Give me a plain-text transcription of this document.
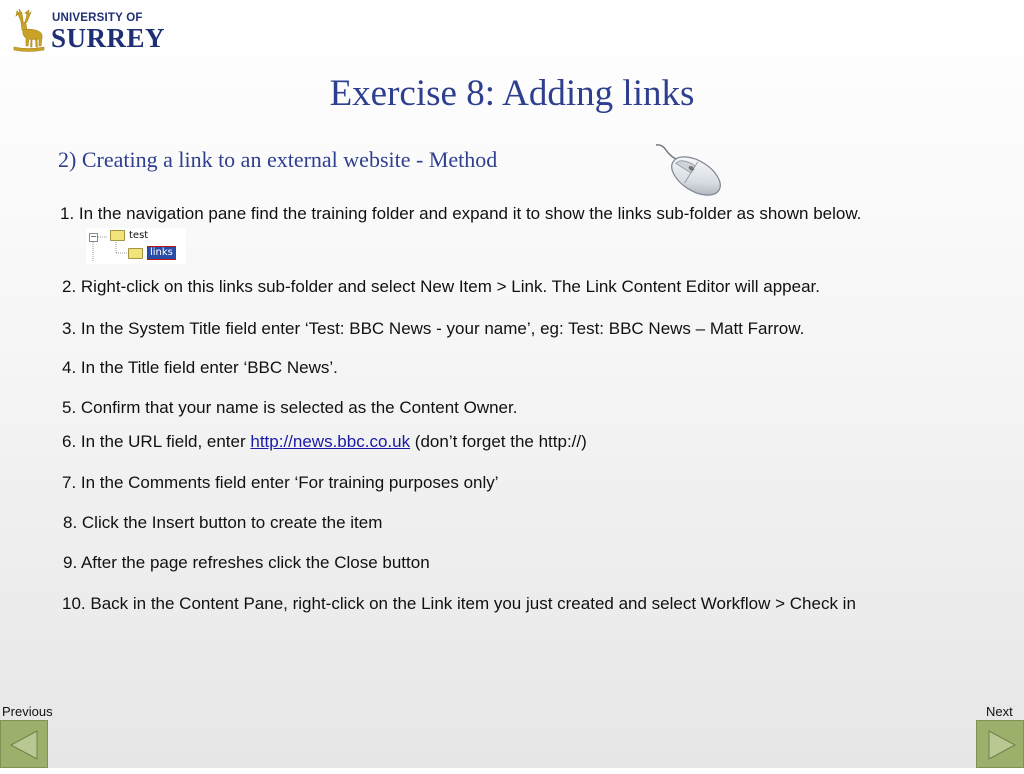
UNIVERSITY OF
SURREY
Exercise 8: Adding links
2) Creating a link to an external website - Method
1. In the navigation pane find the training folder and expand it to show the links sub-folder as shown below.
−	test
links
2. Right-click on this links sub-folder and select New Item > Link. The Link Content Editor will appear.
3. In the System Title field enter ‘Test: BBC News - your name’, eg: Test: BBC News – Matt Farrow.
4. In the Title field enter ‘BBC News’.
5. Confirm that your name is selected as the Content Owner.
6. In the URL field, enter http://news.bbc.co.uk (don’t forget the http://)
7. In the Comments field enter ‘For training purposes only’
8. Click the Insert button to create the item
9. After the page refreshes click the Close button
10. Back in the Content Pane, right-click on the Link item you just created and select Workflow > Check in
Previous	Next
